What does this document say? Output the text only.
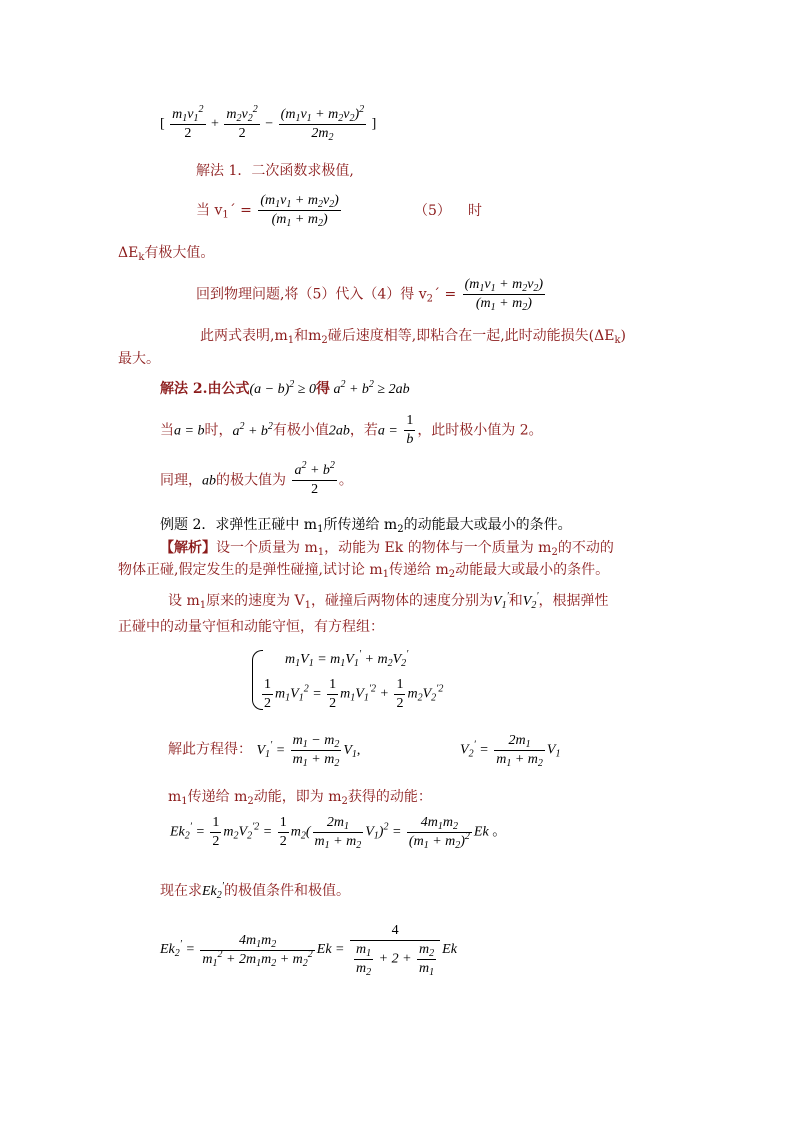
[ $\frac{m_1v_1^2}{2} + \frac{m_2v_2^2}{2} - \frac{(m_1v_1 + m_2v_2)^2}{2m_2}$ ]
解法 1．二次函数求极值,
当 $v_1´ = \frac{(m_1v_1 + m_2v_2)}{(m_1 + m_2)}$	（5） 时
$\Delta E_k$有极大值。
回到物理问题,将（5）代入（4）得 $v_2´ = \frac{(m_1v_1 + m_2v_2)}{(m_1 + m_2)}$
此两式表明$,m_1$和$m_2$碰后速度相等,即粘合在一起,此时动能损失$(\Delta E_k)$
最大。
解法 2.由公式$(a - b)^2 \ge 0$得 $a^2 + b^2 \ge 2ab$
当a = b时，$a^2 + b^2$有极小值2ab，若$a = \frac{1}{b}$ ，此时极小值为 2。
同理，ab的极大值为 $\frac{a^2 + b^2}{2}$ 。
例题 2．求弹性正碰中 $m_1$所传递给 $m_2$的动能最大或最小的条件。
【解析】设一个质量为 $m_1$，动能为 Ek 的物体与一个质量为 $m_2$的不动的
物体正碰,假定发生的是弹性碰撞,试讨论 $m_1$传递给 $m_2$动能最大或最小的条件。
设 $m_1$原来的速度为 $V_1$，碰撞后两物体的速度分别为$V_1'$和$V_2'$，根据弹性
正碰中的动量守恒和动能守恒，有方程组：
$m_1V_1 = m_1V_1' + m_2V_2'$
$\frac{1}{2} m_1V_1^2 = \frac{1}{2} m_1V_1^{'2} + \frac{1}{2} m_2V_2^{'2}$
解此方程得： $V_1' = \frac{m_1 - m_2}{m_1 + m_2} V_1$,	$V_2' = \frac{2m_1}{m_1 + m_2} V_1$
$m_1$传递给 $m_2$动能，即为 $m_2$获得的动能：
$Ek_2' = \frac{1}{2} m_2V_2^{'2} = \frac{1}{2} m_2( \frac{2m_1}{m_1 + m_2} V_1)^2 = \frac{4m_1m_2}{(m_1 + m_2)^2}$ Ek 。
现在求$Ek_2'$的极值条件和极值。
$Ek_2' = \frac{4m_1m_2}{m_1^2 + 2m_1m_2 + m_2^2}$ $Ek = \frac{4}{\frac{m_1}{m_2} + 2 + \frac{m_2}{m_1}}$ Ek
